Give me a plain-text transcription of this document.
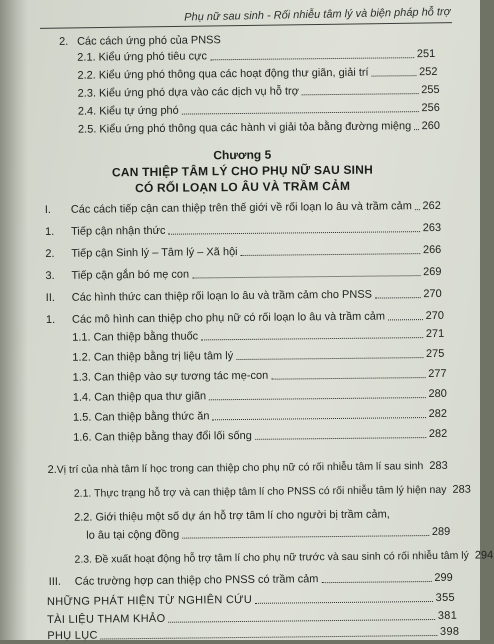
Phụ nữ sau sinh - Rối nhiễu tâm lý và biện pháp hỗ trợ
2. Các cách ứng phó của PNSS
2.1. Kiểu ứng phó tiêu cực	251
2.2. Kiểu ứng phó thông qua các hoạt động thư giãn, giải trí	252
2.3. Kiểu ứng phó dựa vào các dịch vụ hỗ trợ	255
2.4. Kiểu tự ứng phó	256
2.5. Kiểu ứng phó thông qua các hành vi giải tỏa bằng đường miệng 260
Chương 5
CAN THIỆP TÂM LÝ CHO PHỤ NỮ SAU SINH
CÓ RỐI LOẠN LO ÂU VÀ TRẦM CẢM
I.	Các cách tiếp cận can thiệp trên thế giới về rối loạn lo âu và trầm cảm 262
1.	Tiếp cận nhận thức	263
2.	Tiếp cận Sinh lý – Tâm lý – Xã hội	266
3.	Tiếp cận gắn bó mẹ con	269
II.	Các hình thức can thiệp rối loạn lo âu và trầm cảm cho PNSS	270
1.	Các mô hình can thiệp cho phụ nữ có rối loạn lo âu và trầm cảm	270
1.1. Can thiệp bằng thuốc	271
1.2. Can thiệp bằng trị liệu tâm lý	275
1.3. Can thiệp vào sự tương tác mẹ-con	277
1.4. Can thiệp qua thư giãn	280
1.5. Can thiệp bằng thức ăn	282
1.6. Can thiệp bằng thay đổi lối sống	282
2. Vị trí của nhà tâm lí học trong can thiệp cho phụ nữ có rối nhiễu tâm lí sau sinh 283
2.1. Thực trạng hỗ trợ và can thiệp tâm lí cho PNSS có rối nhiễu tâm lý hiện nay 283
2.2. Giới thiệu một số dự án hỗ trợ tâm lí cho người bị trầm cảm,
lo âu tại cộng đồng	289
2.3. Đề xuất hoạt động hỗ trợ tâm lí cho phụ nữ trước và sau sinh có rối nhiễu tâm lý 294
III.	Các trường hợp can thiệp cho PNSS có trầm cảm	299
NHỮNG PHÁT HIỆN TỪ NGHIÊN CỨU	355
TÀI LIỆU THAM KHẢO	381
PHỤ LỤC	398
